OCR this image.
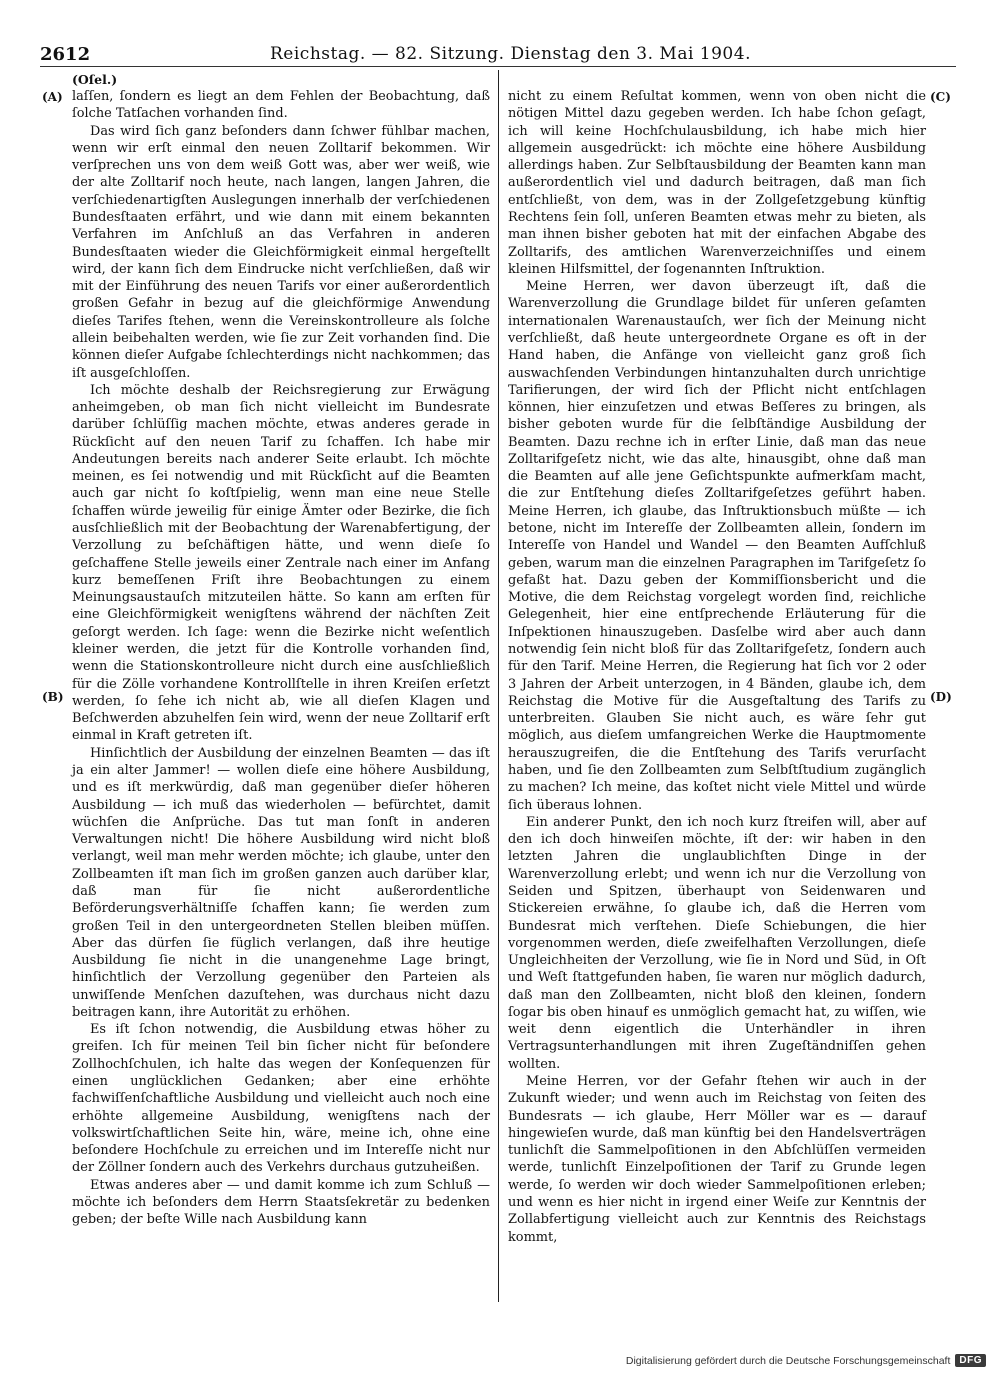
2612	Reichstag. — 82. Sitzung. Dienstag den 3. Mai 1904.
(Oſel.)
(A)
(B)
(C)
(D)

laſſen, ſondern es liegt an dem Fehlen der Beobachtung, daß ſolche Tatſachen vorhanden ſind.

Das wird ſich ganz beſonders dann ſchwer fühlbar machen, wenn wir erſt einmal den neuen Zolltarif bekommen. Wir verſprechen uns von dem weiß Gott was, aber wer weiß, wie der alte Zolltarif noch heute, nach langen, langen Jahren, die verſchiedenartigſten Auslegungen innerhalb der verſchiedenen Bundesſtaaten erfährt, und wie dann mit einem bekannten Verfahren im Anſchluß an das Verfahren in anderen Bundesſtaaten wieder die Gleichförmigkeit einmal hergeſtellt wird, der kann ſich dem Eindrucke nicht verſchließen, daß wir mit der Einführung des neuen Tarifs vor einer außerordentlich großen Gefahr in bezug auf die gleichförmige Anwendung dieſes Tarifes ſtehen, wenn die Vereinskontrolleure als ſolche allein beibehalten werden, wie ſie zur Zeit vorhanden ſind. Die können dieſer Aufgabe ſchlechterdings nicht nachkommen; das iſt ausgeſchloſſen.

Ich möchte deshalb der Reichsregierung zur Erwägung anheimgeben, ob man ſich nicht vielleicht im Bundesrate darüber ſchlüſſig machen möchte, etwas anderes gerade in Rückſicht auf den neuen Tarif zu ſchaffen. Ich habe mir Andeutungen bereits nach anderer Seite erlaubt. Ich möchte meinen, es ſei notwendig und mit Rückſicht auf die Beamten auch gar nicht ſo koſtſpielig, wenn man eine neue Stelle ſchaffen würde jeweilig für einige Ämter oder Bezirke, die ſich ausſchließlich mit der Beobachtung der Warenabfertigung, der Verzollung zu beſchäftigen hätte, und wenn dieſe ſo geſchaffene Stelle jeweils einer Zentrale nach einer im Anfang kurz bemeſſenen Friſt ihre Beobachtungen zu einem Meinungsaustauſch mitzuteilen hätte. So kann am erſten für eine Gleichförmigkeit wenigſtens während der nächſten Zeit geſorgt werden. Ich ſage: wenn die Bezirke nicht weſentlich kleiner werden, die jetzt für die Kontrolle vorhanden ſind, wenn die Stationskontrolleure nicht durch eine ausſchließlich für die Zölle vorhandene Kontrollſtelle in ihren Kreiſen erſetzt werden, ſo ſehe ich nicht ab, wie all dieſen Klagen und Beſchwerden abzuhelfen ſein wird, wenn der neue Zolltarif erſt einmal in Kraft getreten iſt.

Hinſichtlich der Ausbildung der einzelnen Beamten — das iſt ja ein alter Jammer! — wollen dieſe eine höhere Ausbildung, und es iſt merkwürdig, daß man gegenüber dieſer höheren Ausbildung — ich muß das wiederholen — befürchtet, damit wüchſen die Anſprüche. Das tut man ſonſt in anderen Verwaltungen nicht! Die höhere Ausbildung wird nicht bloß verlangt, weil man mehr werden möchte; ich glaube, unter den Zollbeamten iſt man ſich im großen ganzen auch darüber klar, daß man für ſie nicht außerordentliche Beförderungsverhältniſſe ſchaffen kann; ſie werden zum großen Teil in den untergeordneten Stellen bleiben müſſen. Aber das dürfen ſie füglich verlangen, daß ihre heutige Ausbildung ſie nicht in die unangenehme Lage bringt, hinſichtlich der Verzollung gegenüber den Parteien als unwiſſende Menſchen dazuſtehen, was durchaus nicht dazu beitragen kann, ihre Autorität zu erhöhen.

Es iſt ſchon notwendig, die Ausbildung etwas höher zu greifen. Ich für meinen Teil bin ſicher nicht für beſondere Zollhochſchulen, ich halte das wegen der Konſequenzen für einen unglücklichen Gedanken; aber eine erhöhte fachwiſſenſchaftliche Ausbildung und vielleicht auch noch eine erhöhte allgemeine Ausbildung, wenigſtens nach der volkswirtſchaftlichen Seite hin, wäre, meine ich, ohne eine beſondere Hochſchule zu erreichen und im Intereſſe nicht nur der Zöllner ſondern auch des Verkehrs durchaus gutzuheißen.

Etwas anderes aber — und damit komme ich zum Schluß — möchte ich beſonders dem Herrn Staatsſekretär zu bedenken geben; der beſte Wille nach Ausbildung kann

nicht zu einem Reſultat kommen, wenn von oben nicht die nötigen Mittel dazu gegeben werden. Ich habe ſchon geſagt, ich will keine Hochſchulausbildung, ich habe mich hier allgemein ausgedrückt: ich möchte eine höhere Ausbildung allerdings haben. Zur Selbſtausbildung der Beamten kann man außerordentlich viel und dadurch beitragen, daß man ſich entſchließt, von dem, was in der Zollgeſetzgebung künftig Rechtens ſein ſoll, unſeren Beamten etwas mehr zu bieten, als man ihnen bisher geboten hat mit der einfachen Abgabe des Zolltarifs, des amtlichen Warenverzeichniſſes und einem kleinen Hilfsmittel, der ſogenannten Inſtruktion.

Meine Herren, wer davon überzeugt iſt, daß die Warenverzollung die Grundlage bildet für unſeren geſamten internationalen Warenaustauſch, wer ſich der Meinung nicht verſchließt, daß heute untergeordnete Organe es oft in der Hand haben, die Anfänge von vielleicht ganz groß ſich auswachſenden Verbindungen hintanzuhalten durch unrichtige Tarifierungen, der wird ſich der Pflicht nicht entſchlagen können, hier einzuſetzen und etwas Beſſeres zu bringen, als bisher geboten wurde für die ſelbſtändige Ausbildung der Beamten. Dazu rechne ich in erſter Linie, daß man das neue Zolltarifgeſetz nicht, wie das alte, hinausgibt, ohne daß man die Beamten auf alle jene Geſichtspunkte aufmerkſam macht, die zur Entſtehung dieſes Zolltarifgeſetzes geführt haben. Meine Herren, ich glaube, das Inſtruktionsbuch müßte — ich betone, nicht im Intereſſe der Zollbeamten allein, ſondern im Intereſſe von Handel und Wandel — den Beamten Aufſchluß geben, warum man die einzelnen Paragraphen im Tarifgeſetz ſo gefaßt hat. Dazu geben der Kommiſſionsbericht und die Motive, die dem Reichstag vorgelegt worden ſind, reichliche Gelegenheit, hier eine entſprechende Erläuterung für die Inſpektionen hinauszugeben. Dasſelbe wird aber auch dann notwendig ſein nicht bloß für das Zolltarifgeſetz, ſondern auch für den Tarif. Meine Herren, die Regierung hat ſich vor 2 oder 3 Jahren der Arbeit unterzogen, in 4 Bänden, glaube ich, dem Reichstag die Motive für die Ausgeſtaltung des Tarifs zu unterbreiten. Glauben Sie nicht auch, es wäre ſehr gut möglich, aus dieſem umfangreichen Werke die Hauptmomente herauszugreifen, die die Entſtehung des Tarifs verurſacht haben, und ſie den Zollbeamten zum Selbſtſtudium zugänglich zu machen? Ich meine, das koſtet nicht viele Mittel und würde ſich überaus lohnen.

Ein anderer Punkt, den ich noch kurz ſtreifen will, aber auf den ich doch hinweiſen möchte, iſt der: wir haben in den letzten Jahren die unglaublichſten Dinge in der Warenverzollung erlebt; und wenn ich nur die Verzollung von Seiden und Spitzen, überhaupt von Seidenwaren und Stickereien erwähne, ſo glaube ich, daß die Herren vom Bundesrat mich verſtehen. Dieſe Schiebungen, die hier vorgenommen werden, dieſe zweifelhaften Verzollungen, dieſe Ungleichheiten der Verzollung, wie ſie in Nord und Süd, in Oſt und Weſt ſtattgefunden haben, ſie waren nur möglich dadurch, daß man den Zollbeamten, nicht bloß den kleinen, ſondern ſogar bis oben hinauf es unmöglich gemacht hat, zu wiſſen, wie weit denn eigentlich die Unterhändler in ihren Vertragsunterhandlungen mit ihren Zugeſtändniſſen gehen wollten.

Meine Herren, vor der Gefahr ſtehen wir auch in der Zukunft wieder; und wenn auch im Reichstag von ſeiten des Bundesrats — ich glaube, Herr Möller war es — darauf hingewieſen wurde, daß man künftig bei den Handelsverträgen tunlichſt die Sammelpoſitionen in den Abſchlüſſen vermeiden werde, tunlichſt Einzelpoſitionen der Tarif zu Grunde legen werde, ſo werden wir doch wieder Sammelpoſitionen erleben; und wenn es hier nicht in irgend einer Weiſe zur Kenntnis der Zollabfertigung vielleicht auch zur Kenntnis des Reichstags kommt,

Digitalisierung gefördert durch die Deutsche Forschungsgemeinschaft DFG
